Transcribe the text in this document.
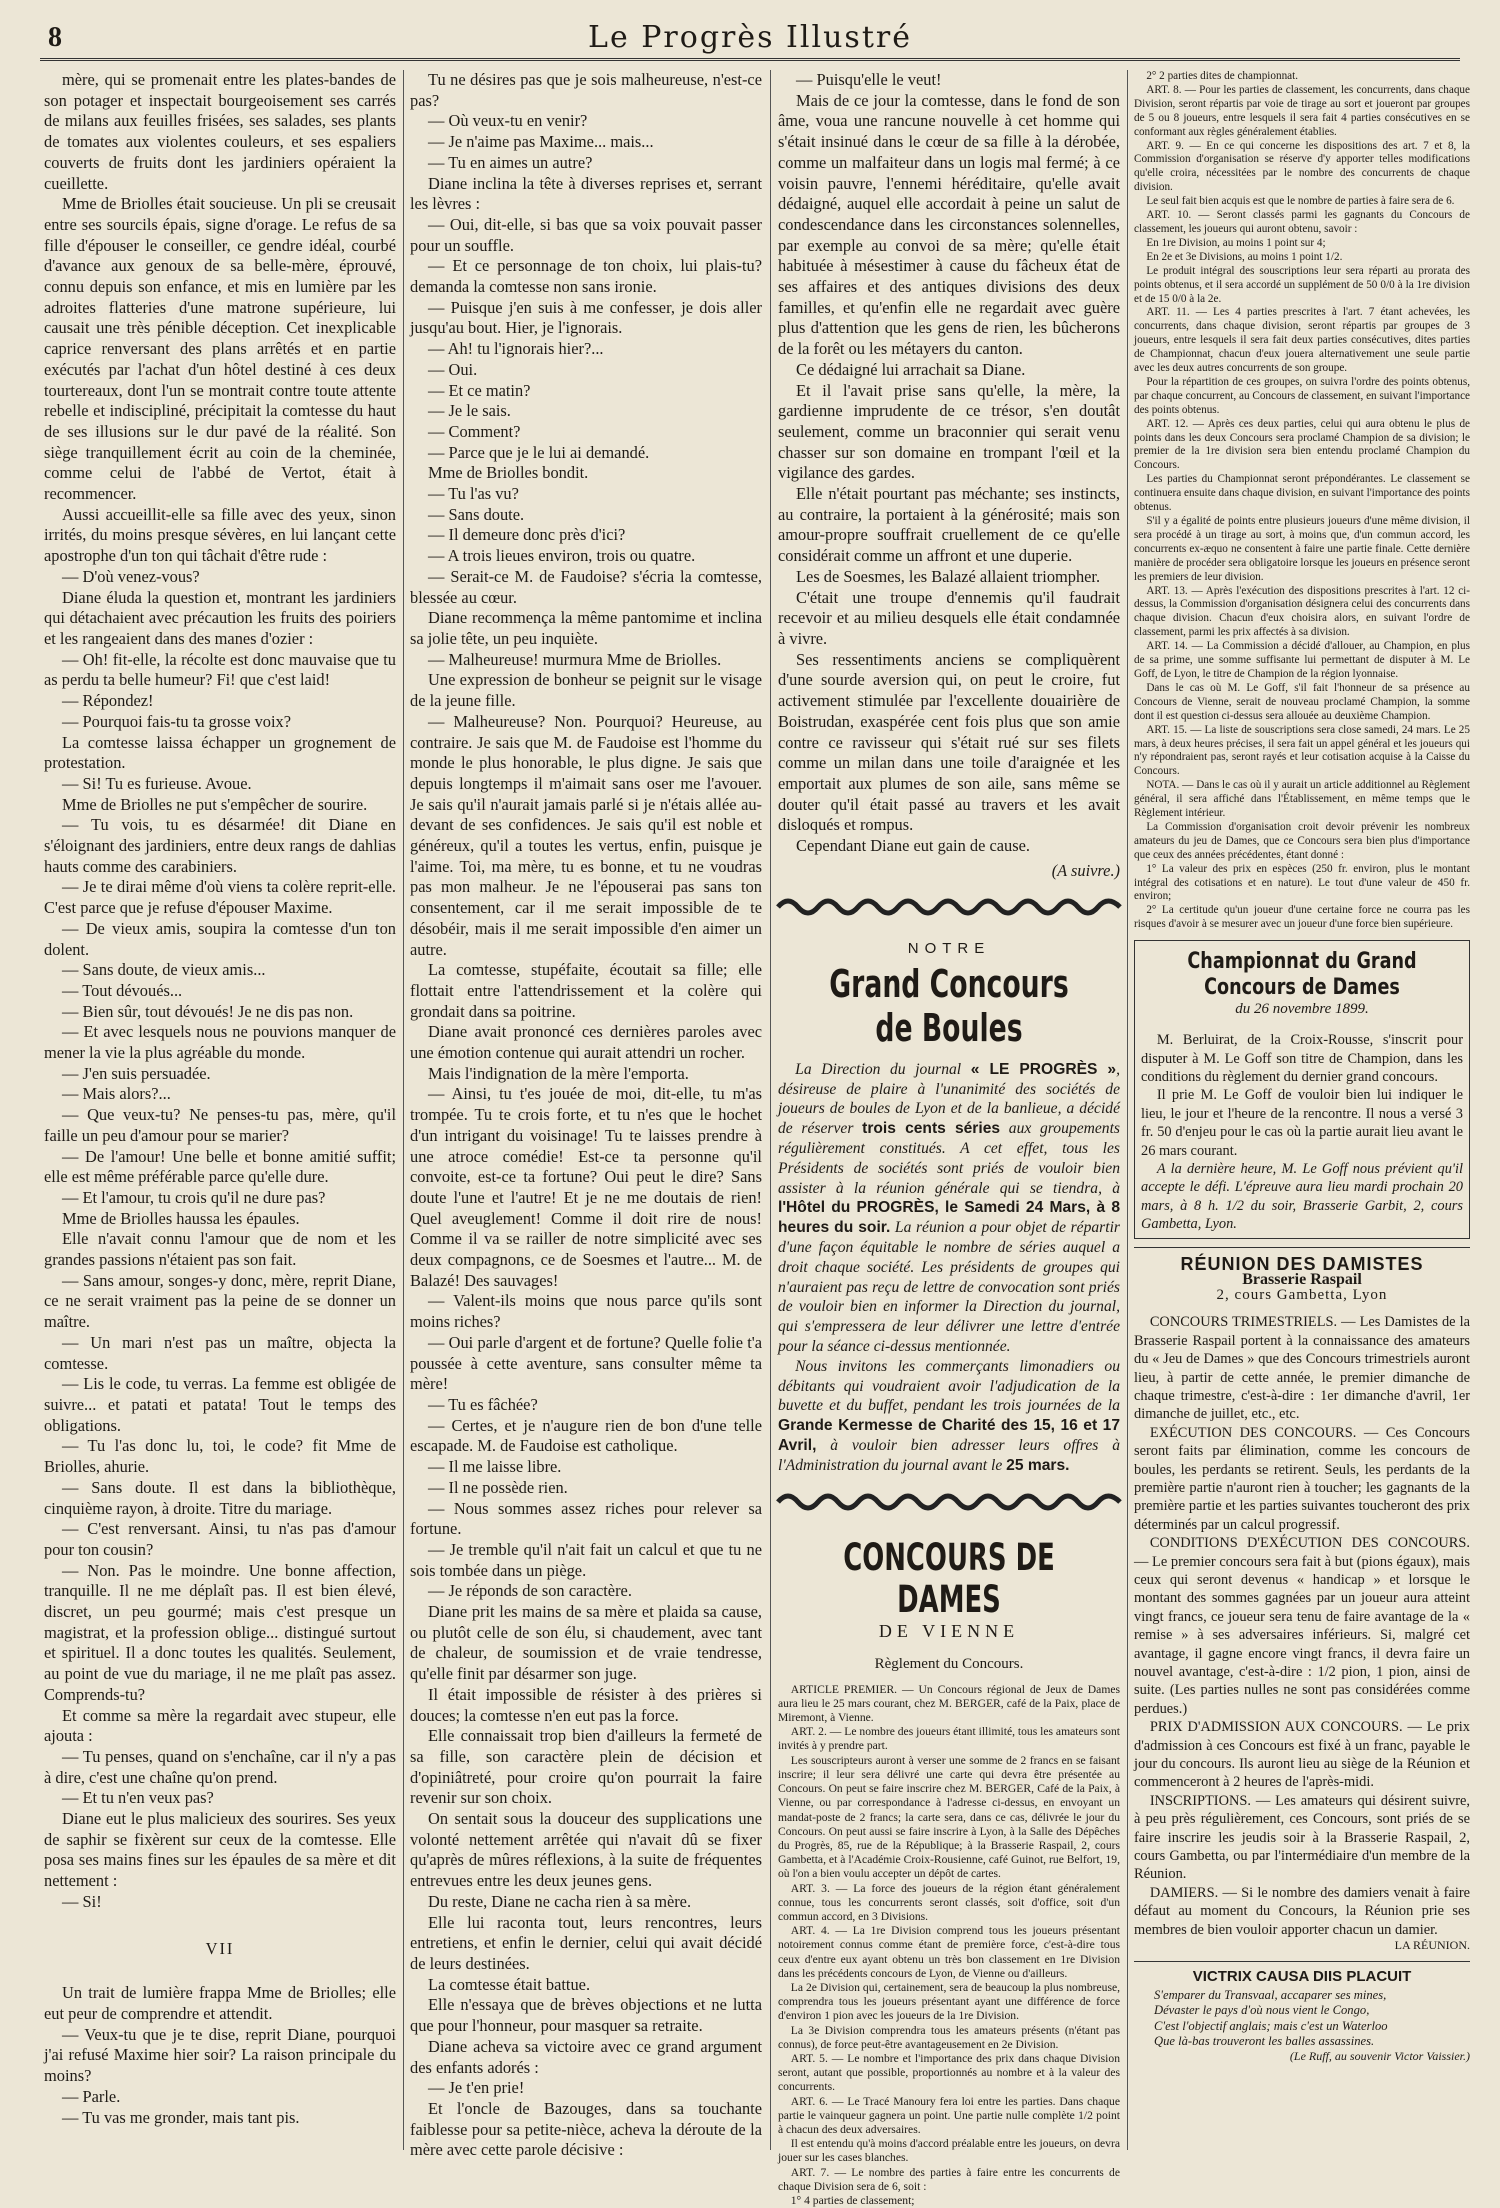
8	Le Progrès Illustré

mère, qui se promenait entre les plates-bandes de son potager et inspectait bourgeoisement ses carrés de milans aux feuilles frisées, ses salades, ses plants de tomates aux violentes couleurs, et ses espaliers couverts de fruits dont les jardiniers opéraient la cueillette.

Mme de Briolles était soucieuse. Un pli se creusait entre ses sourcils épais, signe d'orage. Le refus de sa fille d'épouser le conseiller, ce gendre idéal, courbé d'avance aux genoux de sa belle-mère, éprouvé, connu depuis son enfance, et mis en lumière par les adroites flatteries d'une matrone supérieure, lui causait une très pénible déception. Cet inexplicable caprice renversant des plans arrêtés et en partie exécutés par l'achat d'un hôtel destiné à ces deux tourtereaux, dont l'un se montrait contre toute attente rebelle et indiscipliné, précipitait la comtesse du haut de ses illusions sur le dur pavé de la réalité. Son siège tranquillement écrit au coin de la cheminée, comme celui de l'abbé de Vertot, était à recommencer.

Aussi accueillit-elle sa fille avec des yeux, sinon irrités, du moins presque sévères, en lui lançant cette apostrophe d'un ton qui tâchait d'être rude :

— D'où venez-vous?

Diane éluda la question et, montrant les jardiniers qui détachaient avec précaution les fruits des poiriers et les rangeaient dans des manes d'ozier :

— Oh! fit-elle, la récolte est donc mauvaise que tu as perdu ta belle humeur? Fi! que c'est laid!

— Répondez!

— Pourquoi fais-tu ta grosse voix?

La comtesse laissa échapper un grognement de protestation.

— Si! Tu es furieuse. Avoue.

Mme de Briolles ne put s'empêcher de sourire.

— Tu vois, tu es désarmée! dit Diane en s'éloignant des jardiniers, entre deux rangs de dahlias hauts comme des carabiniers.

— Je te dirai même d'où viens ta colère reprit-elle. C'est parce que je refuse d'épouser Maxime.

— De vieux amis, soupira la comtesse d'un ton dolent.

— Sans doute, de vieux amis...

— Tout dévoués...

— Bien sûr, tout dévoués! Je ne dis pas non.

— Et avec lesquels nous ne pouvions manquer de mener la vie la plus agréable du monde.

— J'en suis persuadée.

— Mais alors?...

— Que veux-tu? Ne penses-tu pas, mère, qu'il faille un peu d'amour pour se marier?

— De l'amour! Une belle et bonne amitié suffit; elle est même préférable parce qu'elle dure.

— Et l'amour, tu crois qu'il ne dure pas?

Mme de Briolles haussa les épaules.

Elle n'avait connu l'amour que de nom et les grandes passions n'étaient pas son fait.

— Sans amour, songes-y donc, mère, reprit Diane, ce ne serait vraiment pas la peine de se donner un maître.

— Un mari n'est pas un maître, objecta la comtesse.

— Lis le code, tu verras. La femme est obligée de suivre... et patati et patata! Tout le temps des obligations.

— Tu l'as donc lu, toi, le code? fit Mme de Briolles, ahurie.

— Sans doute. Il est dans la bibliothèque, cinquième rayon, à droite. Titre du mariage.

— C'est renversant. Ainsi, tu n'as pas d'amour pour ton cousin?

— Non. Pas le moindre. Une bonne affection, tranquille. Il ne me déplaît pas. Il est bien élevé, discret, un peu gourmé; mais c'est presque un magistrat, et la profession oblige... distingué surtout et spirituel. Il a donc toutes les qualités. Seulement, au point de vue du mariage, il ne me plaît pas assez. Comprends-tu?

Et comme sa mère la regardait avec stupeur, elle ajouta :

— Tu penses, quand on s'enchaîne, car il n'y a pas à dire, c'est une chaîne qu'on prend.

— Et tu n'en veux pas?

Diane eut le plus malicieux des sourires. Ses yeux de saphir se fixèrent sur ceux de la comtesse. Elle posa ses mains fines sur les épaules de sa mère et dit nettement :

— Si!

VII

Un trait de lumière frappa Mme de Briolles; elle eut peur de comprendre et attendit.

— Veux-tu que je te dise, reprit Diane, pourquoi j'ai refusé Maxime hier soir? La raison principale du moins?

— Parle.

— Tu vas me gronder, mais tant pis.

Tu ne désires pas que je sois malheureuse, n'est-ce pas?

— Où veux-tu en venir?

— Je n'aime pas Maxime... mais...

— Tu en aimes un autre?

Diane inclina la tête à diverses reprises et, serrant les lèvres :

— Oui, dit-elle, si bas que sa voix pouvait passer pour un souffle.

— Et ce personnage de ton choix, lui plais-tu? demanda la comtesse non sans ironie.

— Puisque j'en suis à me confesser, je dois aller jusqu'au bout. Hier, je l'ignorais.

— Ah! tu l'ignorais hier?...

— Oui.

— Et ce matin?

— Je le sais.

— Comment?

— Parce que je le lui ai demandé.

Mme de Briolles bondit.

— Tu l'as vu?

— Sans doute.

— Il demeure donc près d'ici?

— A trois lieues environ, trois ou quatre.

— Serait-ce M. de Faudoise? s'écria la comtesse, blessée au cœur.

Diane recommença la même pantomime et inclina sa jolie tête, un peu inquiète.

— Malheureuse! murmura Mme de Briolles.

Une expression de bonheur se peignit sur le visage de la jeune fille.

— Malheureuse? Non. Pourquoi? Heureuse, au contraire. Je sais que M. de Faudoise est l'homme du monde le plus honorable, le plus digne. Je sais que depuis longtemps il m'aimait sans oser me l'avouer. Je sais qu'il n'aurait jamais parlé si je n'étais allée au-devant de ses confidences. Je sais qu'il est noble et généreux, qu'il a toutes les vertus, enfin, puisque je l'aime. Toi, ma mère, tu es bonne, et tu ne voudras pas mon malheur. Je ne l'épouserai pas sans ton consentement, car il me serait impossible de te désobéir, mais il me serait impossible d'en aimer un autre.

La comtesse, stupéfaite, écoutait sa fille; elle flottait entre l'attendrissement et la colère qui grondait dans sa poitrine.

Diane avait prononcé ces dernières paroles avec une émotion contenue qui aurait attendri un rocher.

Mais l'indignation de la mère l'emporta.

— Ainsi, tu t'es jouée de moi, dit-elle, tu m'as trompée. Tu te crois forte, et tu n'es que le hochet d'un intrigant du voisinage! Tu te laisses prendre à une atroce comédie! Est-ce ta personne qu'il convoite, est-ce ta fortune? Oui peut le dire? Sans doute l'une et l'autre! Et je ne me doutais de rien! Quel aveuglement! Comme il doit rire de nous! Comme il va se railler de notre simplicité avec ses deux compagnons, ce de Soesmes et l'autre... M. de Balazé! Des sauvages!

— Valent-ils moins que nous parce qu'ils sont moins riches?

— Oui parle d'argent et de fortune? Quelle folie t'a poussée à cette aventure, sans consulter même ta mère!

— Tu es fâchée?

— Certes, et je n'augure rien de bon d'une telle escapade. M. de Faudoise est catholique.

— Il me laisse libre.

— Il ne possède rien.

— Nous sommes assez riches pour relever sa fortune.

— Je tremble qu'il n'ait fait un calcul et que tu ne sois tombée dans un piège.

— Je réponds de son caractère.

Diane prit les mains de sa mère et plaida sa cause, ou plutôt celle de son élu, si chaudement, avec tant de chaleur, de soumission et de vraie tendresse, qu'elle finit par désarmer son juge.

Il était impossible de résister à des prières si douces; la comtesse n'en eut pas la force.

Elle connaissait trop bien d'ailleurs la fermeté de sa fille, son caractère plein de décision et d'opiniâtreté, pour croire qu'on pourrait la faire revenir sur son choix.

On sentait sous la douceur des supplications une volonté nettement arrêtée qui n'avait dû se fixer qu'après de mûres réflexions, à la suite de fréquentes entrevues entre les deux jeunes gens.

Du reste, Diane ne cacha rien à sa mère.

Elle lui raconta tout, leurs rencontres, leurs entretiens, et enfin le dernier, celui qui avait décidé de leurs destinées.

La comtesse était battue.

Elle n'essaya que de brèves objections et ne lutta que pour l'honneur, pour masquer sa retraite.

Diane acheva sa victoire avec ce grand argument des enfants adorés :

— Je t'en prie!

Et l'oncle de Bazouges, dans sa touchante faiblesse pour sa petite-nièce, acheva la déroute de la mère avec cette parole décisive :

— Puisqu'elle le veut!

Mais de ce jour la comtesse, dans le fond de son âme, voua une rancune nouvelle à cet homme qui s'était insinué dans le cœur de sa fille à la dérobée, comme un malfaiteur dans un logis mal fermé; à ce voisin pauvre, l'ennemi héréditaire, qu'elle avait dédaigné, auquel elle accordait à peine un salut de condescendance dans les circonstances solennelles, par exemple au convoi de sa mère; qu'elle était habituée à mésestimer à cause du fâcheux état de ses affaires et des antiques divisions des deux familles, et qu'enfin elle ne regardait avec guère plus d'attention que les gens de rien, les bûcherons de la forêt ou les métayers du canton.

Ce dédaigné lui arrachait sa Diane.

Et il l'avait prise sans qu'elle, la mère, la gardienne imprudente de ce trésor, s'en doutât seulement, comme un braconnier qui serait venu chasser sur son domaine en trompant l'œil et la vigilance des gardes.

Elle n'était pourtant pas méchante; ses instincts, au contraire, la portaient à la générosité; mais son amour-propre souffrait cruellement de ce qu'elle considérait comme un affront et une duperie.

Les de Soesmes, les Balazé allaient triompher.

C'était une troupe d'ennemis qu'il faudrait recevoir et au milieu desquels elle était condamnée à vivre.

Ses ressentiments anciens se compliquèrent d'une sourde aversion qui, on peut le croire, fut activement stimulée par l'excellente douairière de Boistrudan, exaspérée cent fois plus que son amie contre ce ravisseur qui s'était rué sur ses filets comme un milan dans une toile d'araignée et les emportait aux plumes de son aile, sans même se douter qu'il était passé au travers et les avait disloqués et rompus.

Cependant Diane eut gain de cause.

(A suivre.)

NOTRE
Grand Concours de Boules

La Direction du journal « LE PROGRÈS », désireuse de plaire à l'unanimité des sociétés de joueurs de boules de Lyon et de la banlieue, a décidé de réserver trois cents séries aux groupements régulièrement constitués. A cet effet, tous les Présidents de sociétés sont priés de vouloir bien assister à la réunion générale qui se tiendra, à l'Hôtel du PROGRÈS, le Samedi 24 Mars, à 8 heures du soir. La réunion a pour objet de répartir d'une façon équitable le nombre de séries auquel a droit chaque société. Les présidents de groupes qui n'auraient pas reçu de lettre de convocation sont priés de vouloir bien en informer la Direction du journal, qui s'empressera de leur délivrer une lettre d'entrée pour la séance ci-dessus mentionnée.

Nous invitons les commerçants limonadiers ou débitants qui voudraient avoir l'adjudication de la buvette et du buffet, pendant les trois journées de la Grande Kermesse de Charité des 15, 16 et 17 Avril, à vouloir bien adresser leurs offres à l'Administration du journal avant le 25 mars.

CONCOURS DE DAMES
DE VIENNE
Règlement du Concours.

ARTICLE PREMIER. — Un Concours régional de Jeux de Dames aura lieu le 25 mars courant, chez M. BERGER, café de la Paix, place de Miremont, à Vienne.

ART. 2. — Le nombre des joueurs étant illimité, tous les amateurs sont invités à y prendre part.

Les souscripteurs auront à verser une somme de 2 francs en se faisant inscrire; il leur sera délivré une carte qui devra être présentée au Concours. On peut se faire inscrire chez M. BERGER, Café de la Paix, à Vienne, ou par correspondance à l'adresse ci-dessus, en envoyant un mandat-poste de 2 francs; la carte sera, dans ce cas, délivrée le jour du Concours. On peut aussi se faire inscrire à Lyon, à la Salle des Dépêches du Progrès, 85, rue de la République; à la Brasserie Raspail, 2, cours Gambetta, et à l'Académie Croix-Rousienne, café Guinot, rue Belfort, 19, où l'on a bien voulu accepter un dépôt de cartes.

ART. 3. — La force des joueurs de la région étant généralement connue, tous les concurrents seront classés, soit d'office, soit d'un commun accord, en 3 Divisions.

ART. 4. — La 1re Division comprend tous les joueurs présentant notoirement connus comme étant de première force, c'est-à-dire tous ceux d'entre eux ayant obtenu un très bon classement en 1re Division dans les précédents concours de Lyon, de Vienne ou d'ailleurs.

La 2e Division qui, certainement, sera de beaucoup la plus nombreuse, comprendra tous les joueurs présentant ayant une différence de force d'environ 1 pion avec les joueurs de la 1re Division.

La 3e Division comprendra tous les amateurs présents (n'étant pas connus), de force peut-être avantageusement en 2e Division.

ART. 5. — Le nombre et l'importance des prix dans chaque Division seront, autant que possible, proportionnés au nombre et à la valeur des concurrents.

ART. 6. — Le Tracé Manoury fera loi entre les parties. Dans chaque partie le vainqueur gagnera un point. Une partie nulle complète 1/2 point à chacun des deux adversaires.

Il est entendu qu'à moins d'accord préalable entre les joueurs, on devra jouer sur les cases blanches.

ART. 7. — Le nombre des parties à faire entre les concurrents de chaque Division sera de 6, soit :

1° 4 parties de classement;

2° 2 parties dites de championnat.

ART. 8. — Pour les parties de classement, les concurrents, dans chaque Division, seront répartis par voie de tirage au sort et joueront par groupes de 5 ou 8 joueurs, entre lesquels il sera fait 4 parties consécutives en se conformant aux règles généralement établies.

ART. 9. — En ce qui concerne les dispositions des art. 7 et 8, la Commission d'organisation se réserve d'y apporter telles modifications qu'elle croira, nécessitées par le nombre des concurrents de chaque division.

Le seul fait bien acquis est que le nombre de parties à faire sera de 6.

ART. 10. — Seront classés parmi les gagnants du Concours de classement, les joueurs qui auront obtenu, savoir :

En 1re Division, au moins 1 point sur 4;

En 2e et 3e Divisions, au moins 1 point 1/2.

Le produit intégral des souscriptions leur sera réparti au prorata des points obtenus, et il sera accordé un supplément de 50 0/0 à la 1re division et de 15 0/0 à la 2e.

ART. 11. — Les 4 parties prescrites à l'art. 7 étant achevées, les concurrents, dans chaque division, seront répartis par groupes de 3 joueurs, entre lesquels il sera fait deux parties consécutives, dites parties de Championnat, chacun d'eux jouera alternativement une seule partie avec les deux autres concurrents de son groupe.

Pour la répartition de ces groupes, on suivra l'ordre des points obtenus, par chaque concurrent, au Concours de classement, en suivant l'importance des points obtenus.

ART. 12. — Après ces deux parties, celui qui aura obtenu le plus de points dans les deux Concours sera proclamé Champion de sa division; le premier de la 1re division sera bien entendu proclamé Champion du Concours.

Les parties du Championnat seront prépondérantes. Le classement se continuera ensuite dans chaque division, en suivant l'importance des points obtenus.

S'il y a égalité de points entre plusieurs joueurs d'une même division, il sera procédé à un tirage au sort, à moins que, d'un commun accord, les concurrents ex-æquo ne consentent à faire une partie finale. Cette dernière manière de procéder sera obligatoire lorsque les joueurs en présence seront les premiers de leur division.

ART. 13. — Après l'exécution des dispositions prescrites à l'art. 12 ci-dessus, la Commission d'organisation désignera celui des concurrents dans chaque division. Chacun d'eux choisira alors, en suivant l'ordre de classement, parmi les prix affectés à sa division.

ART. 14. — La Commission a décidé d'allouer, au Champion, en plus de sa prime, une somme suffisante lui permettant de disputer à M. Le Goff, de Lyon, le titre de Champion de la région lyonnaise.

Dans le cas où M. Le Goff, s'il fait l'honneur de sa présence au Concours de Vienne, serait de nouveau proclamé Champion, la somme dont il est question ci-dessus sera allouée au deuxième Champion.

ART. 15. — La liste de souscriptions sera close samedi, 24 mars. Le 25 mars, à deux heures précises, il sera fait un appel général et les joueurs qui n'y répondraient pas, seront rayés et leur cotisation acquise à la Caisse du Concours.

NOTA. — Dans le cas où il y aurait un article additionnel au Règlement général, il sera affiché dans l'Établissement, en même temps que le Règlement intérieur.

La Commission d'organisation croit devoir prévenir les nombreux amateurs du jeu de Dames, que ce Concours sera bien plus d'importance que ceux des années précédentes, étant donné :

1° La valeur des prix en espèces (250 fr. environ, plus le montant intégral des cotisations et en nature). Le tout d'une valeur de 450 fr. environ;

2° La certitude qu'un joueur d'une certaine force ne courra pas les risques d'avoir à se mesurer avec un joueur d'une force bien supérieure.

Championnat du Grand Concours de Dames
du 26 novembre 1899.

M. Berluirat, de la Croix-Rousse, s'inscrit pour disputer à M. Le Goff son titre de Champion, dans les conditions du règlement du dernier grand concours.

Il prie M. Le Goff de vouloir bien lui indiquer le lieu, le jour et l'heure de la rencontre. Il nous a versé 3 fr. 50 d'enjeu pour le cas où la partie aurait lieu avant le 26 mars courant.

A la dernière heure, M. Le Goff nous prévient qu'il accepte le défi. L'épreuve aura lieu mardi prochain 20 mars, à 8 h. 1/2 du soir, Brasserie Garbit, 2, cours Gambetta, Lyon.

RÉUNION DES DAMISTES
Brasserie Raspail
2, cours Gambetta, Lyon

CONCOURS TRIMESTRIELS. — Les Damistes de la Brasserie Raspail portent à la connaissance des amateurs du « Jeu de Dames » que des Concours trimestriels auront lieu, à partir de cette année, le premier dimanche de chaque trimestre, c'est-à-dire : 1er dimanche d'avril, 1er dimanche de juillet, etc., etc.

EXÉCUTION DES CONCOURS. — Ces Concours seront faits par élimination, comme les concours de boules, les perdants se retirent. Seuls, les perdants de la première partie n'auront rien à toucher; les gagnants de la première partie et les parties suivantes toucheront des prix déterminés par un calcul progressif.

CONDITIONS D'EXÉCUTION DES CONCOURS. — Le premier concours sera fait à but (pions égaux), mais ceux qui seront devenus « handicap » et lorsque le montant des sommes gagnées par un joueur aura atteint vingt francs, ce joueur sera tenu de faire avantage de la « remise » à ses adversaires inférieurs. Si, malgré cet avantage, il gagne encore vingt francs, il devra faire un nouvel avantage, c'est-à-dire : 1/2 pion, 1 pion, ainsi de suite. (Les parties nulles ne sont pas considérées comme perdues.)

PRIX D'ADMISSION AUX CONCOURS. — Le prix d'admission à ces Concours est fixé à un franc, payable le jour du concours. Ils auront lieu au siège de la Réunion et commenceront à 2 heures de l'après-midi.

INSCRIPTIONS. — Les amateurs qui désirent suivre, à peu près régulièrement, ces Concours, sont priés de se faire inscrire les jeudis soir à la Brasserie Raspail, 2, cours Gambetta, ou par l'intermédiaire d'un membre de la Réunion.

DAMIERS. — Si le nombre des damiers venait à faire défaut au moment du Concours, la Réunion prie ses membres de bien vouloir apporter chacun un damier.

LA RÉUNION.

VICTRIX CAUSA DIIS PLACUIT

S'emparer du Transvaal, accaparer ses mines,

Dévaster le pays d'où nous vient le Congo,

C'est l'objectif anglais; mais c'est un Waterloo

Que là-bas trouveront les balles assassines.

(Le Ruff, au souvenir Victor Vaissier.)
